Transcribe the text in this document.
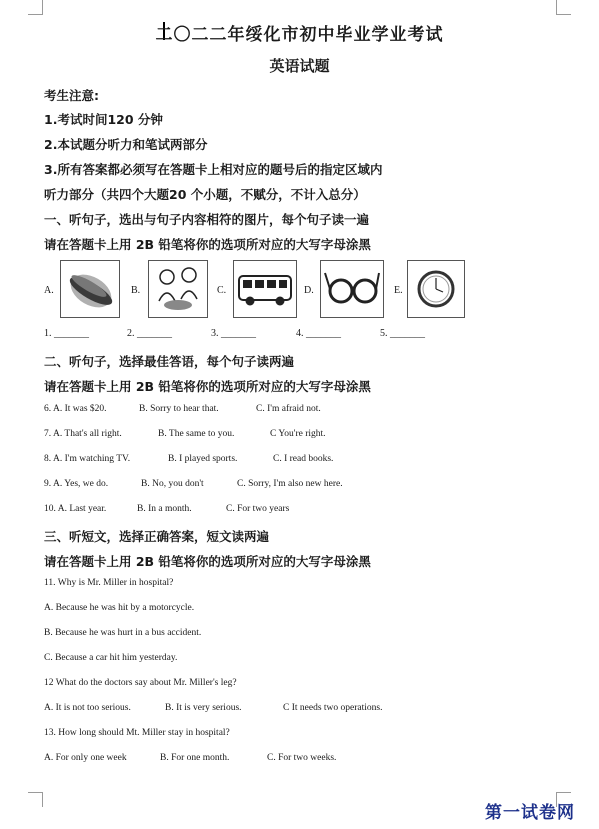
二〇二二年绥化市初中毕业学业考试
英语试题
考生注意:
1.考试时间120 分钟
2.本试题分听力和笔试两部分
3.所有答案都必须写在答题卡上相对应的题号后的指定区域内
听力部分（共四个大题20 个小题，不赋分，不计入总分）
一、听句子，选出与句子内容相符的图片，每个句子读一遍
请在答题卡上用 2B 铅笔将你的选项所对应的大写字母涂黑
A.	B.	C.	D.	E.
1. _______	2. _______	3. _______	4. _______	5. _______
二、听句子，选择最佳答语，每个句子读两遍
请在答题卡上用 2B 铅笔将你的选项所对应的大写字母涂黑
6. A. It was $20.	B. Sorry to hear that.	C. I'm afraid not.
7. A. That's all right.	B. The same to you.	C You're right.
8. A. I'm watching TV.	B. I played sports.	C. I read books.
9. A. Yes, we do.	B. No, you don't	C. Sorry, I'm also new here.
10. A. Last year.	B. In a month.	C. For two years
三、听短文，选择正确答案，短文读两遍
请在答题卡上用 2B 铅笔将你的选项所对应的大写字母涂黑
11. Why is Mr. Miller in hospital?
A. Because he was hit by a motorcycle.
B. Because he was hurt in a bus accident.
C. Because a car hit him yesterday.
12 What do the doctors say about Mr. Miller's leg?
A. It is not too serious.	B. It is very serious.	C It needs two operations.
13. How long should Mt. Miller stay in hospital?
A. For only one week	B. For one month.	C. For two weeks.
第一试卷网
